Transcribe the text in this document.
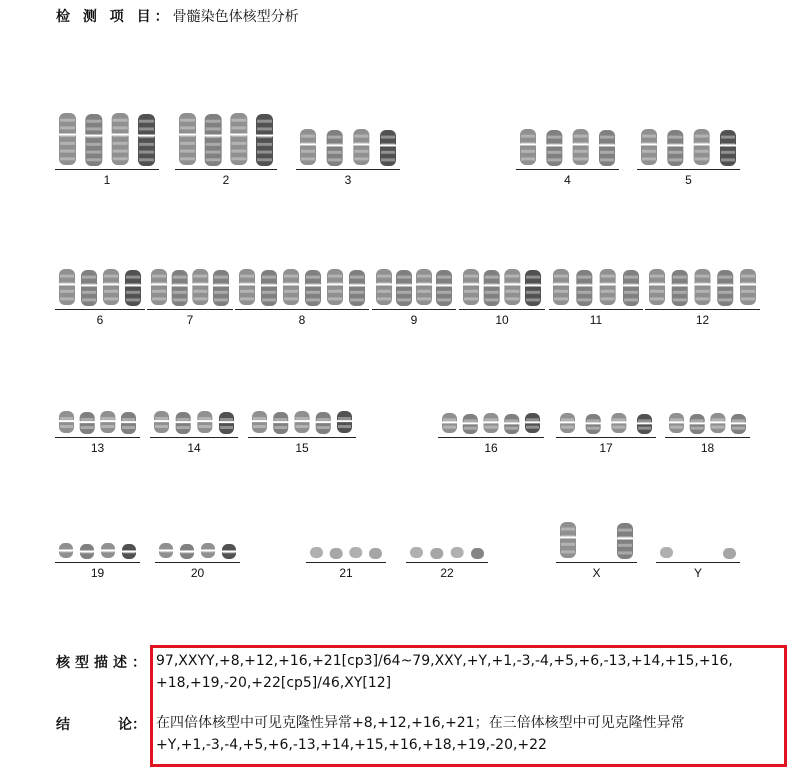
检 测 项 目：骨髓染色体核型分析
1	2	3	4	5
6	7	8	9	10	11	12
13	14	15	16	17	18
19	20	21	22	X	Y
核型描述： 97,XXYY,+8,+12,+16,+21[cp3]/64~79,XXY,+Y,+1,-3,-4,+5,+6,-13,+14,+15,+16,
+18,+19,-20,+22[cp5]/46,XY[12]
结	论： 在四倍体核型中可见克隆性异常+8,+12,+16,+21；在三倍体核型中可见克隆性异常
+Y,+1,-3,-4,+5,+6,-13,+14,+15,+16,+18,+19,-20,+22
